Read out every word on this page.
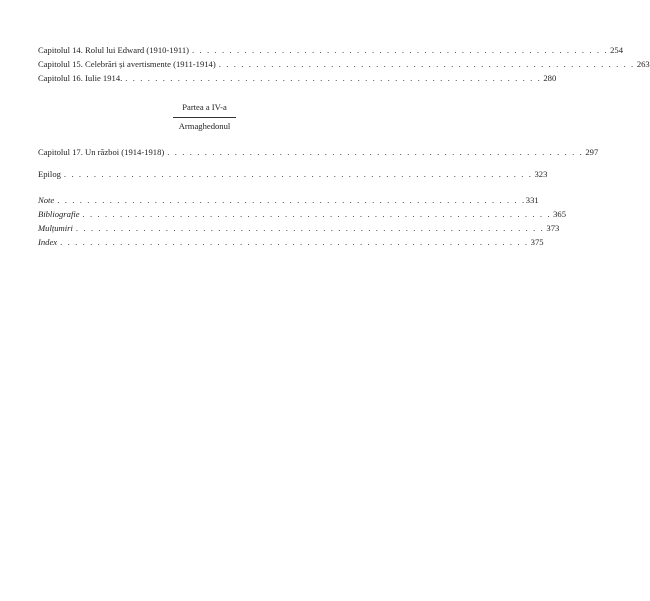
Capitolul 14. Rolul lui Edward (1910-1911) . . . . . . . . . . . . . . . . . . . . . . . . . . . . . . . . . . . . . . . . . . . . . . . . . . . . . . . . 254
Capitolul 15. Celebrări și avertismente (1911-1914) . . . . . . . . . . . . . . . . . . . . . . . . . . . . . . . . . . . . . . . . . . . . . . . . . . . . . . . . 263
Capitolul 16. Iulie 1914. . . . . . . . . . . . . . . . . . . . . . . . . . . . . . . . . . . . . . . . . . . . . . . . . . . . . . . . . 280
Partea a IV-a
Armaghedonul
Capitolul 17. Un război (1914-1918) . . . . . . . . . . . . . . . . . . . . . . . . . . . . . . . . . . . . . . . . . . . . . . . . . . . . . . . . 297
Epilog . . . . . . . . . . . . . . . . . . . . . . . . . . . . . . . . . . . . . . . . . . . . . . . . . . . . . . . . . . . . . . . 323
Note . . . . . . . . . . . . . . . . . . . . . . . . . . . . . . . . . . . . . . . . . . . . . . . . . . . . . . . . . . . . . . . 331
Bibliografie . . . . . . . . . . . . . . . . . . . . . . . . . . . . . . . . . . . . . . . . . . . . . . . . . . . . . . . . . . . . . . . 365
Mulțumiri . . . . . . . . . . . . . . . . . . . . . . . . . . . . . . . . . . . . . . . . . . . . . . . . . . . . . . . . . . . . . . . 373
Index . . . . . . . . . . . . . . . . . . . . . . . . . . . . . . . . . . . . . . . . . . . . . . . . . . . . . . . . . . . . . . . 375
